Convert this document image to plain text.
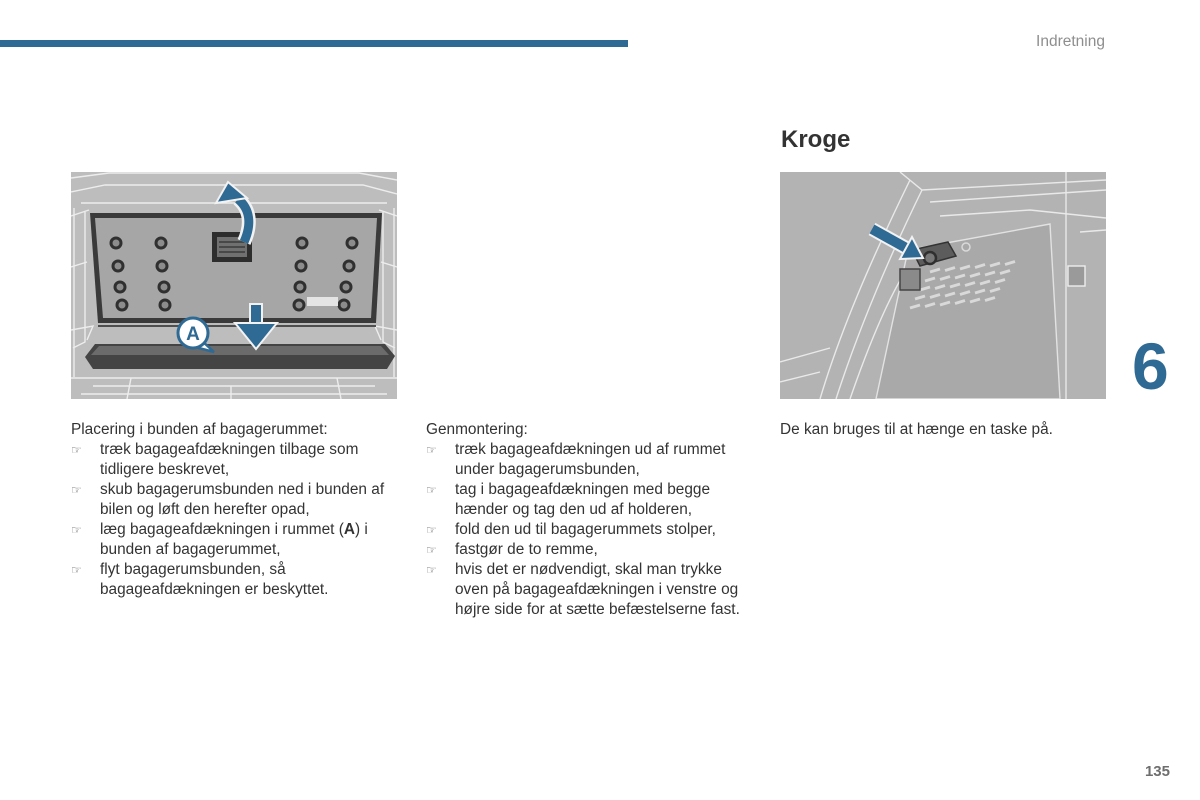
Indretning
6
Kroge
A
Placering i bunden af bagagerummet:
☞
træk bagageafdækningen tilbage som tidligere beskrevet,
☞
skub bagagerumsbunden ned i bunden af bilen og løft den herefter opad,
☞
læg bagageafdækningen i rummet (A) i bunden af bagagerummet,
☞
flyt bagagerumsbunden, så bagageafdækningen er beskyttet.
Genmontering:
☞
træk bagageafdækningen ud af rummet under bagagerumsbunden,
☞
tag i bagageafdækningen med begge hænder og tag den ud af holderen,
☞
fold den ud til bagagerummets stolper,
☞
fastgør de to remme,
☞
hvis det er nødvendigt, skal man trykke oven på bagageafdækningen i venstre og højre side for at sætte befæstelserne fast.
De kan bruges til at hænge en taske på.
135
